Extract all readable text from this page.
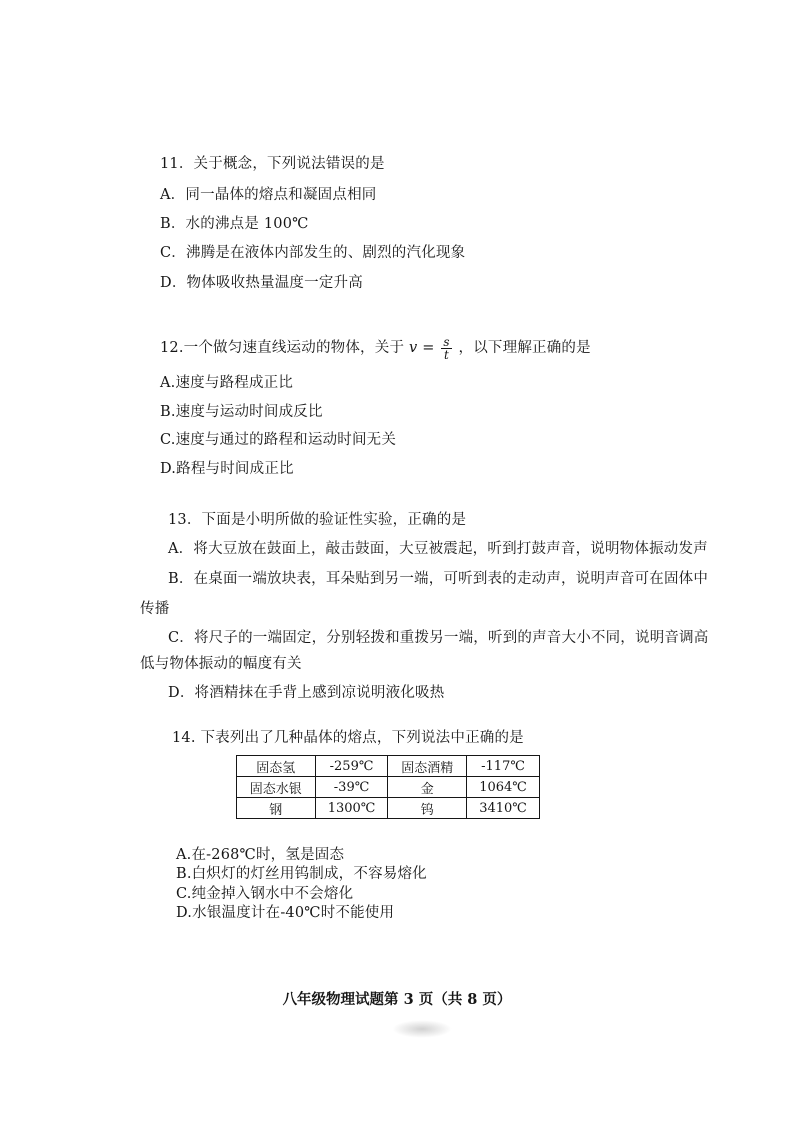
11．关于概念，下列说法错误的是
A．同一晶体的熔点和凝固点相同
B．水的沸点是 100℃
C．沸腾是在液体内部发生的、剧烈的汽化现象
D．物体吸收热量温度一定升高
12.一个做匀速直线运动的物体，关于 $v = \frac{s}{t}$ ，以下理解正确的是
A.速度与路程成正比
B.速度与运动时间成反比
C.速度与通过的路程和运动时间无关
D.路程与时间成正比
13．下面是小明所做的验证性实验，正确的是
A．将大豆放在鼓面上，敲击鼓面，大豆被震起，听到打鼓声音，说明物体振动发声
B．在桌面一端放块表，耳朵贴到另一端，可听到表的走动声，说明声音可在固体中
传播
C．将尺子的一端固定，分别轻拨和重拨另一端，听到的声音大小不同，说明音调高
低与物体振动的幅度有关
D．将酒精抹在手背上感到凉说明液化吸热
14. 下表列出了几种晶体的熔点，下列说法中正确的是
固态氢	-259℃	固态酒精	-117℃
固态水银	-39℃	金	1064℃
钢	1300℃	钨	3410℃
A.在-268℃时，氢是固态
B.白炽灯的灯丝用钨制成，不容易熔化
C.纯金掉入钢水中不会熔化
D.水银温度计在-40℃时不能使用
八年级物理试题第 3 页（共 8 页）
